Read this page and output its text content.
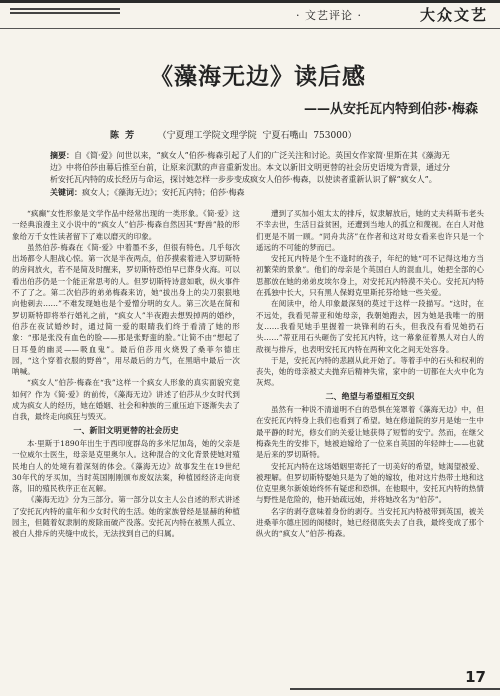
· 文艺评论 ·	大众文艺
《藻海无边》读后感
——从安托瓦内特到伯莎·梅森
陈 芳	（宁夏理工学院文理学院 宁夏石嘴山 753000）
摘要：自《简·爱》问世以来，“疯女人”伯莎·梅森引起了人们的广泛关注和讨论。英国女作家简·里斯在其《藻海无边》中将伯莎由幕后推至台前，让原来沉默的声音重新发出。本文以新旧文明更替的社会历史语境为背景，通过分析安托瓦内特的成长经历与命运，探讨她怎样一步步变成疯女人伯莎·梅森，以使读者重新认识了解“疯女人”。
关键词：疯女人；《藻海无边》；安托瓦内特；伯莎·梅森

“疯癫”女性形象是文学作品中经常出现的一类形象。《简·爱》这一经典浪漫主义小说中的“疯女人”伯莎·梅森自然因其“野兽”般的形象给万千女性读者留下了难以磨灭的印象。

虽然伯莎·梅森在《简·爱》中着墨不多，但很有特色。几乎每次出场都令人胆战心惊。第一次是半夜两点，伯莎摸索着进入罗切斯特的房间放火，若不是简及时醒来，罗切斯特恐怕早已葬身火海。可以看出伯莎仍是一个能正常思考的人。但罗切斯特诗意如歌，纵火事件不了了之。第二次伯莎的弟弟梅森来访，她“拔出身上的尖刀狠狠地向他刺去……”不难发现她也是个爱憎分明的女人。第三次是在简和罗切斯特即将举行婚礼之前，“疯女人”半夜跑去想毁掉两的婚纱，伯莎在夜试婚纱时，通过简一爱的眼睛我们终于看清了她的形象：“那是张没有血色的脸——那是张野蛮的脸。”让简不由“想起了日耳曼的幽灵——吸血鬼”。最后伯莎用火烧毁了桑菲尔德庄园，“这个穿着衣服的野兽”，用尽最后的力气，在黑暗中最后一次呐喊。

“疯女人”伯莎·梅森在“我”这样一个疯女人形象的真实面貌究竟如何？作为《简·爱》的前传，《藻海无边》讲述了伯莎从少女时代到成为疯女人的经历，她在婚姻、社会和种族的三重压迫下逐渐失去了自我，最终走向疯狂与毁灭。

一、新旧文明更替的社会历史

本·里斯于1890年出生于西印度群岛的多米尼加岛，她的父亲是一位威尔士医生，母亲是克里奥尔人。这种混合的文化背景使她对殖民地白人的处境有着深刻的体会。《藻海无边》故事发生在19世纪30年代的牙买加，当时英国刚刚颁布废奴法案，种植园经济走向衰落，旧的殖民秩序正在瓦解。

《藻海无边》分为三部分。第一部分以女主人公自述的形式讲述了安托瓦内特的童年和少女时代的生活。她的家族曾经是显赫的种植园主，但随着奴隶制的废除而破产没落。安托瓦内特在被黑人孤立、被白人排斥的夹缝中成长，无法找到自己的归属。

遭到了买加小姐太太的排斥，奴隶解放后，她的丈夫科斯韦老头不幸去世，生活日益贫困，还遭到当地人的孤立和蔑视。在白人对他们更是不屑一顾。“同舟共济”在作者和这对母女看来也许只是一个遥远的不可能的梦而已。

安托瓦内特是个生不逢时的孩子，年纪的她“可不记得这地方当初繁荣的景象”。他们的母亲是个英国白人的混血儿，她把全部的心思都放在她的弟弟皮埃尔身上，对安托瓦内特漠不关心。安托瓦内特在孤独中长大，只有黑人保姆克里斯托芬给她一些关爱。

在阅读中，给人印象最深刻的莫过于这样一段描写。“这时，在不远处，我看见蒂亚和她母亲，我朝她跑去，因为她是我唯一的朋友……我看见她手里握着一块锋利的石头，但我没有看见她扔石头……”蒂亚用石头砸伤了安托瓦内特，这一幕象征着黑人对白人的敌视与排斥，也表明安托瓦内特在两种文化之间无处容身。

于是，安托瓦内特的悲剧从此开始了。等着手中的石头和权利的丧失，她的母亲被丈夫抛弃后精神失常，家中的一切都在大火中化为灰烬。

二、绝望与希望相互交织

虽然有一种说不清道明不白的恐惧在笼罩着《藻海无边》中，但在安托瓦内特身上我们也看到了希望。她在修道院的岁月是她一生中最平静的时光，修女们的关爱让她获得了短暂的安宁。然而，在继父梅森先生的安排下，她被迫嫁给了一位来自英国的年轻绅士——也就是后来的罗切斯特。

安托瓦内特在这场婚姻里寄托了一切美好的希望，她渴望被爱、被理解。但罗切斯特娶她只是为了她的嫁妆，他对这片热带土地和这位克里奥尔新娘始终怀有疑虑和恐惧。在他眼中，安托瓦内特的热情与野性是危险的，他开始疏远她，并将她改名为“伯莎”。

名字的剥夺意味着身份的剥夺。当安托瓦内特被带到英国，被关进桑菲尔德庄园的阁楼时，她已经彻底失去了自我，最终变成了那个纵火的“疯女人”伯莎·梅森。

17
